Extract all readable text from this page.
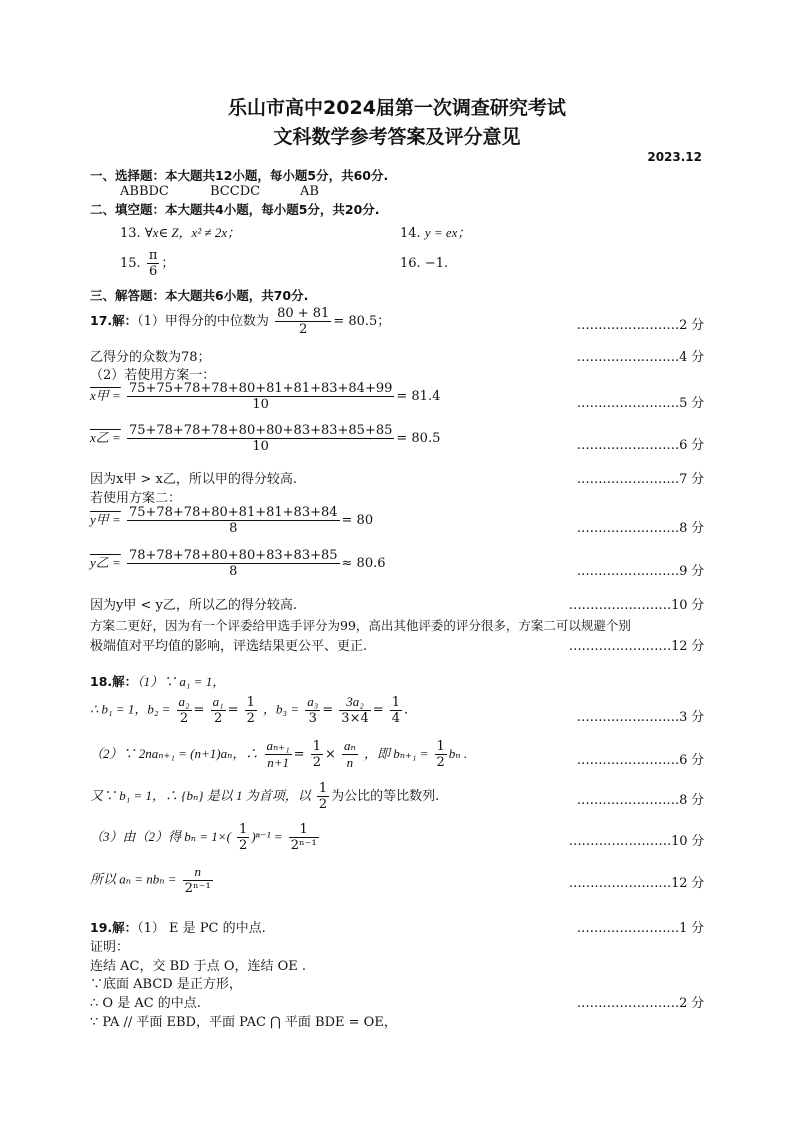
乐山市高中2024届第一次调查研究考试
文科数学参考答案及评分意见
2023.12
一、选择题：本大题共12小题，每小题5分，共60分.
ABBDC	BCCDC	AB
二、填空题：本大题共4小题，每小题5分，共20分.
13. ∀x∈ Z，x² ≠ 2x；	14. y = ex；
15. $\frac{\pi}{6}$ ；	16. −1.
三、解答题：本大题共6小题，共70分.
17.解：（1）甲得分的中位数为 $\frac{80 + 81}{2} = 80.5$；	……………………2 分
乙得分的众数为78；	……………………4 分
（2）若使用方案一：
x甲 = $\frac{75+75+78+78+80+81+81+83+84+99}{10} = 81.4$	……………………5 分
x乙 = $\frac{75+78+78+78+80+80+83+83+85+85}{10} = 80.5$	……………………6 分
因为x甲 > x乙，所以甲的得分较高.	……………………7 分
若使用方案二：
y甲 = $\frac{75+78+78+80+81+81+83+84}{8} = 80$
……………………8 分
y乙 = $\frac{78+78+78+80+80+83+83+85}{8} \approx 80.6$
……………………9 分
因为y甲 < y乙，所以乙的得分较高.	……………………10 分
方案二更好，因为有一个评委给甲选手评分为99，高出其他评委的评分很多，方案二可以规避个别
极端值对平均值的影响，评选结果更公平、更正.	……………………12 分
18.解：（1）∵ a₁ = 1，
∴ b₁ = 1，$b_2 = \frac{\text{a₂}}{2} = \frac{\text{a₁}}{2} = \frac{1}{2}$ ，$b_3 = \frac{\text{a₃}}{3} = \frac{\text{3a₂}}{3\times 4} = \frac{1}{4}$ .	……………………3 分
（2）∵ 2naₙ₊₁ = (n+1)aₙ，∴ $\frac{\text{aₙ₊₁}}{n+1} = \frac{1}{2} \times \frac{\text{aₙ}}{n}$ ，即 $b_{n+1} = \frac{1}{2}$ bₙ .	……………………6 分
又∵ b₁ = 1，∴ {bₙ} 是以 1 为首项，以 $\frac{1}{2}$ 为公比的等比数列.	……………………8 分
（3）由（2）得 $b_n = 1\times( \frac{1}{2} )^{n-1} = \frac{1}{\text{2ⁿ⁻¹}}$	……………………10 分
所以 $a_n = nb_n = \frac{n}{\text{2ⁿ⁻¹}}$	……………………12 分
19.解：（1） E 是 PC 的中点.	……………………1 分
证明：
连结 AC，交 BD 于点 O，连结 OE .
∵底面 ABCD 是正方形，
∴ O 是 AC 的中点.	……………………2 分
∵ PA // 平面 EBD，平面 PAC ⋂ 平面 BDE = OE，
